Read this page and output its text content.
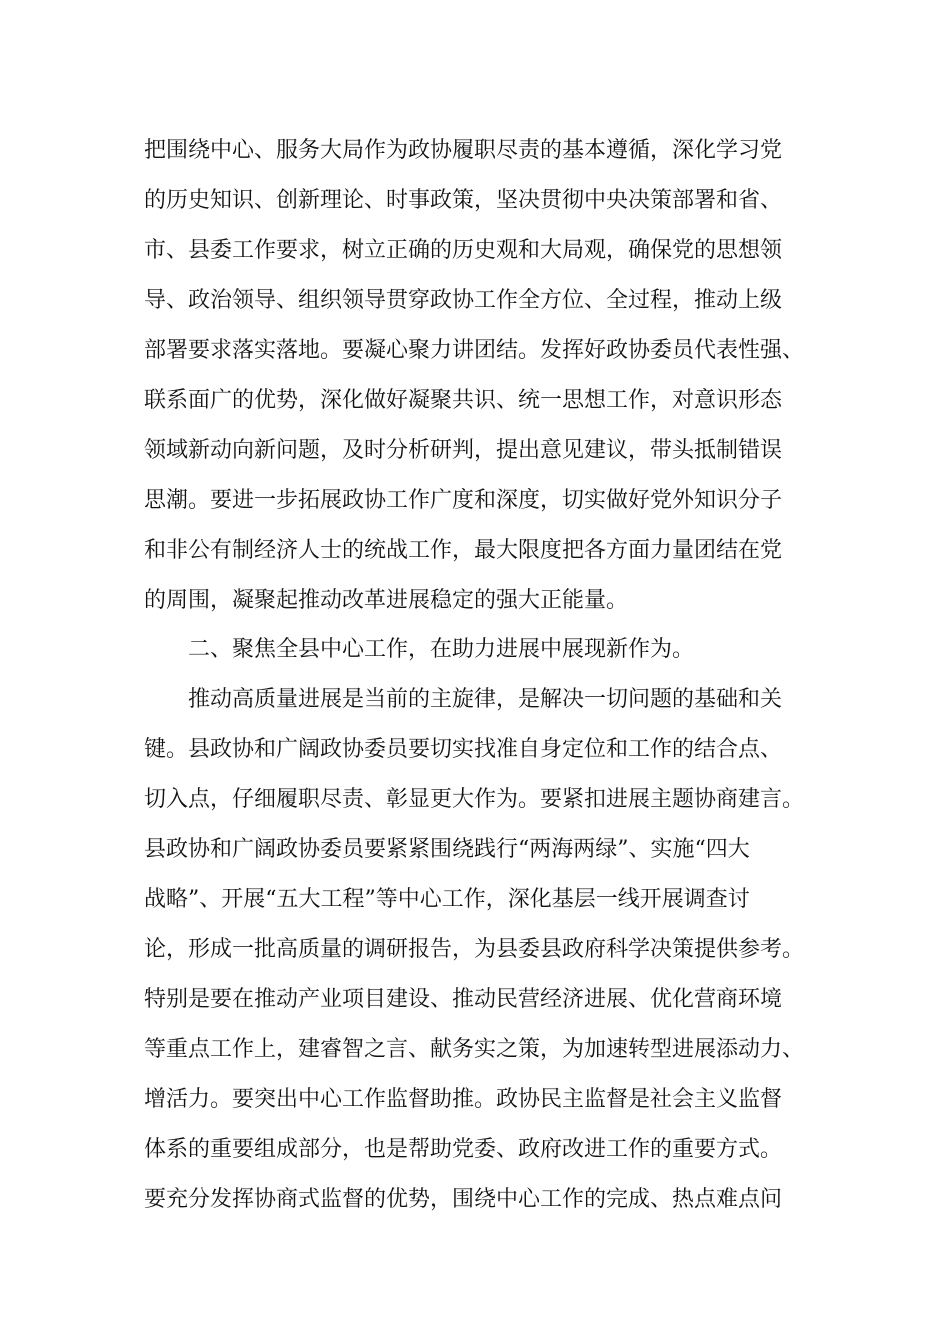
把围绕中心、服务大局作为政协履职尽责的基本遵循，深化学习党
的历史知识、创新理论、时事政策，坚决贯彻中央决策部署和省、
市、县委工作要求，树立正确的历史观和大局观，确保党的思想领
导、政治领导、组织领导贯穿政协工作全方位、全过程，推动上级
部署要求落实落地。要凝心聚力讲团结。发挥好政协委员代表性强、
联系面广的优势，深化做好凝聚共识、统一思想工作，对意识形态
领域新动向新问题，及时分析研判，提出意见建议，带头抵制错误
思潮。要进一步拓展政协工作广度和深度，切实做好党外知识分子
和非公有制经济人士的统战工作，最大限度把各方面力量团结在党
的周围，凝聚起推动改革进展稳定的强大正能量。
二、聚焦全县中心工作，在助力进展中展现新作为。
推动高质量进展是当前的主旋律，是解决一切问题的基础和关
键。县政协和广阔政协委员要切实找准自身定位和工作的结合点、
切入点，仔细履职尽责、彰显更大作为。要紧扣进展主题协商建言。
县政协和广阔政协委员要紧紧围绕践行“两海两绿”、实施“四大
战略”、开展“五大工程”等中心工作，深化基层一线开展调查讨
论，形成一批高质量的调研报告，为县委县政府科学决策提供参考。
特别是要在推动产业项目建设、推动民营经济进展、优化营商环境
等重点工作上，建睿智之言、献务实之策，为加速转型进展添动力、
增活力。要突出中心工作监督助推。政协民主监督是社会主义监督
体系的重要组成部分，也是帮助党委、政府改进工作的重要方式。
要充分发挥协商式监督的优势，围绕中心工作的完成、热点难点问
